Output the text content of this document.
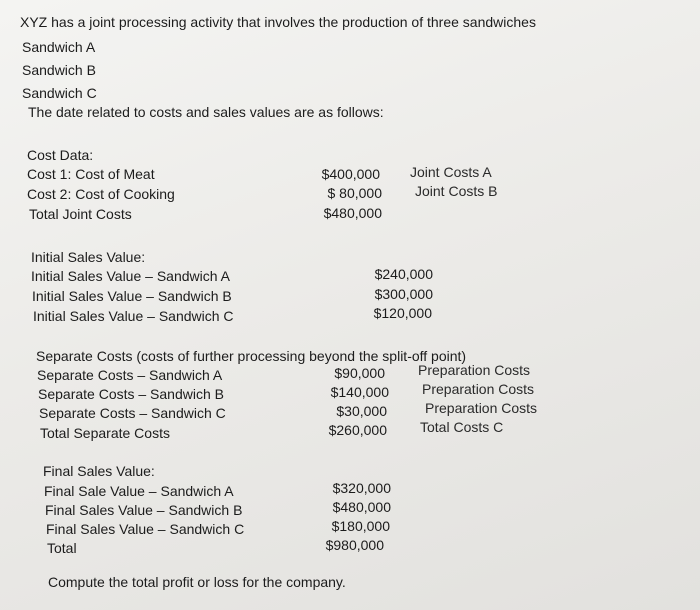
XYZ has a joint processing activity that involves the production of three sandwiches
Sandwich A
Sandwich B
Sandwich C
The date related to costs and sales values are as follows:
Cost Data:
Cost 1: Cost of Meat	$400,000 Joint Costs A
Cost 2: Cost of Cooking	$ 80,000 Joint Costs B
Total Joint Costs	$480,000
Initial Sales Value:
Initial Sales Value – Sandwich A	$240,000
Initial Sales Value – Sandwich B	$300,000
Initial Sales Value – Sandwich C	$120,000
Separate Costs (costs of further processing beyond the split-off point)
Separate Costs – Sandwich A	$90,000 Preparation Costs
Separate Costs – Sandwich B	$140,000 Preparation Costs
Separate Costs – Sandwich C	$30,000	Preparation Costs
Total Separate Costs	$260,000 Total Costs C
Final Sales Value:
Final Sale Value – Sandwich A	$320,000
Final Sales Value – Sandwich B	$480,000
Final Sales Value – Sandwich C	$180,000
Total	$980,000
Compute the total profit or loss for the company.
